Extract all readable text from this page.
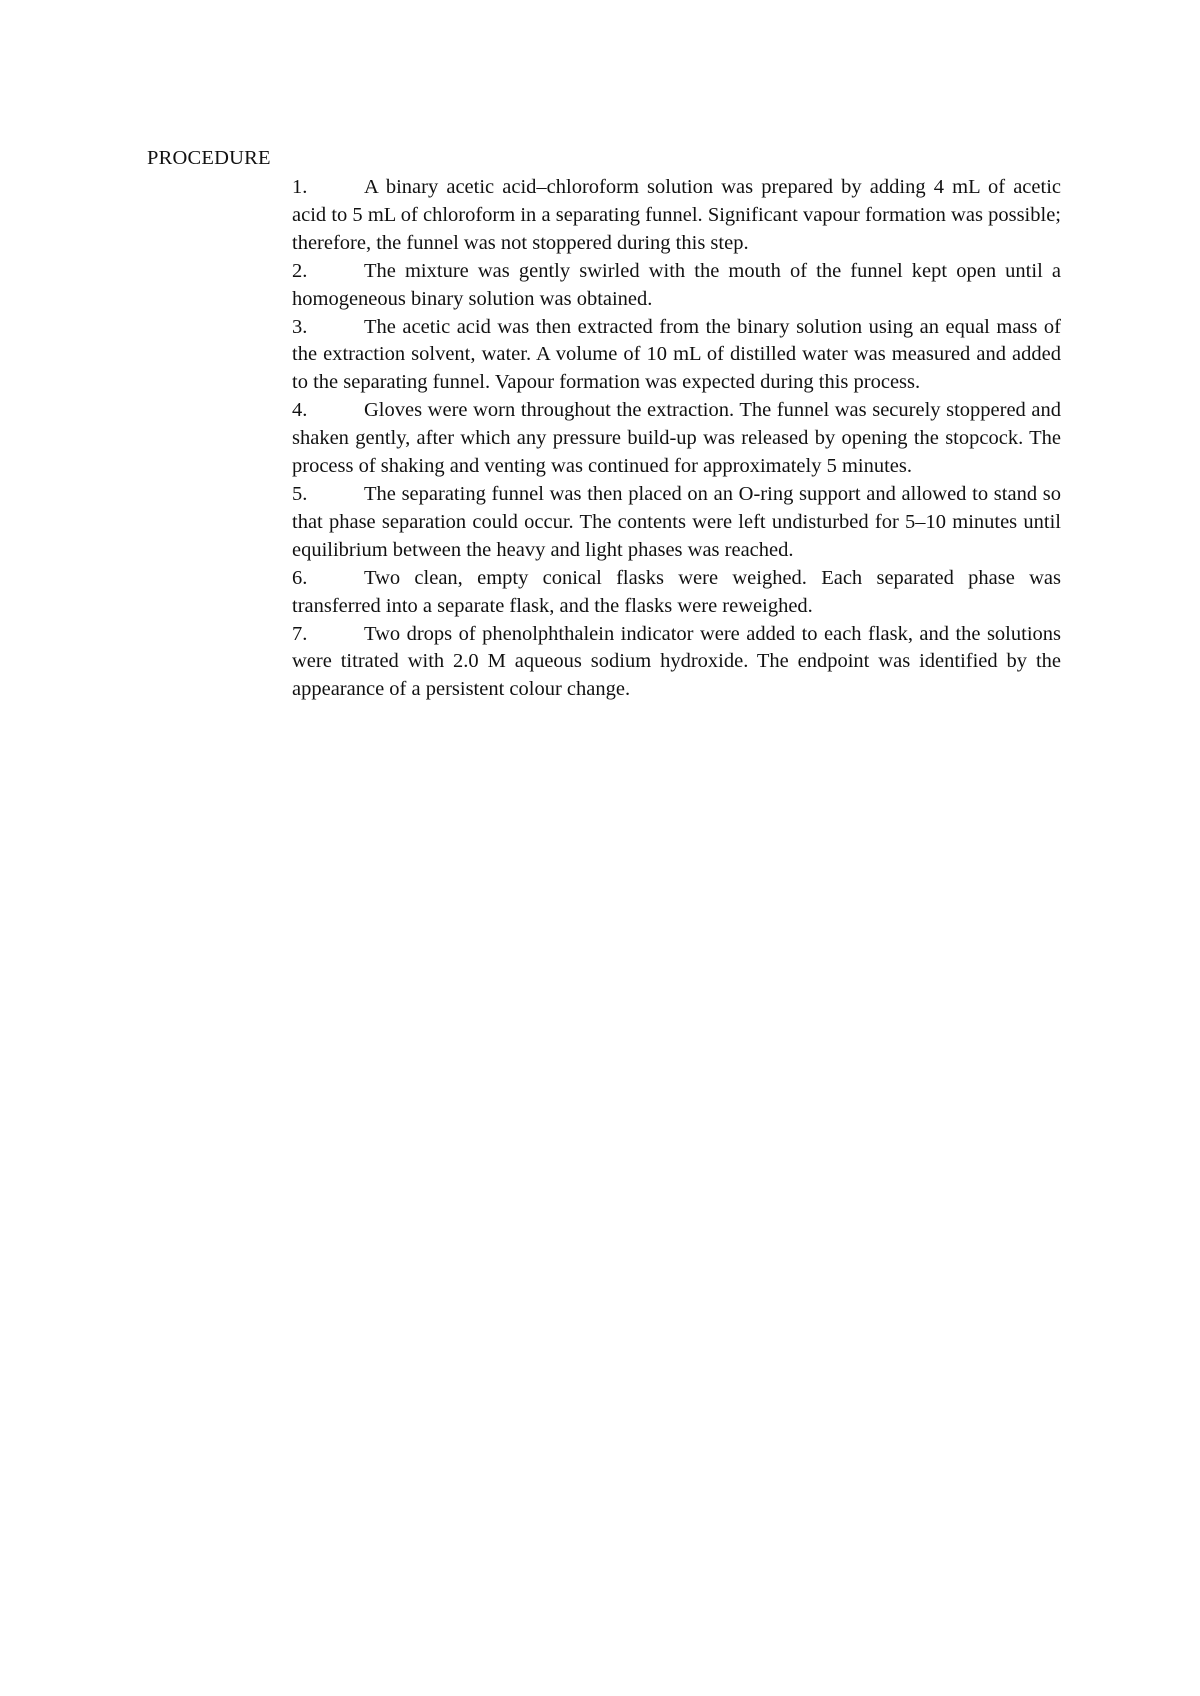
PROCEDURE
1.	A binary acetic acid–chloroform solution was prepared by adding 4 mL of acetic acid to 5 mL of chloroform in a separating funnel. Significant vapour formation was possible; therefore, the funnel was not stoppered during this step.
2.	The mixture was gently swirled with the mouth of the funnel kept open until a homogeneous binary solution was obtained.
3.	The acetic acid was then extracted from the binary solution using an equal mass of the extraction solvent, water. A volume of 10 mL of distilled water was measured and added to the separating funnel. Vapour formation was expected during this process.
4.	Gloves were worn throughout the extraction. The funnel was securely stoppered and shaken gently, after which any pressure build-up was released by opening the stopcock. The process of shaking and venting was continued for approximately 5 minutes.
5.	The separating funnel was then placed on an O-ring support and allowed to stand so that phase separation could occur. The contents were left undisturbed for 5–10 minutes until equilibrium between the heavy and light phases was reached.
6.	Two clean, empty conical flasks were weighed. Each separated phase was transferred into a separate flask, and the flasks were reweighed.
7.	Two drops of phenolphthalein indicator were added to each flask, and the solutions were titrated with 2.0 M aqueous sodium hydroxide. The endpoint was identified by the appearance of a persistent colour change.
